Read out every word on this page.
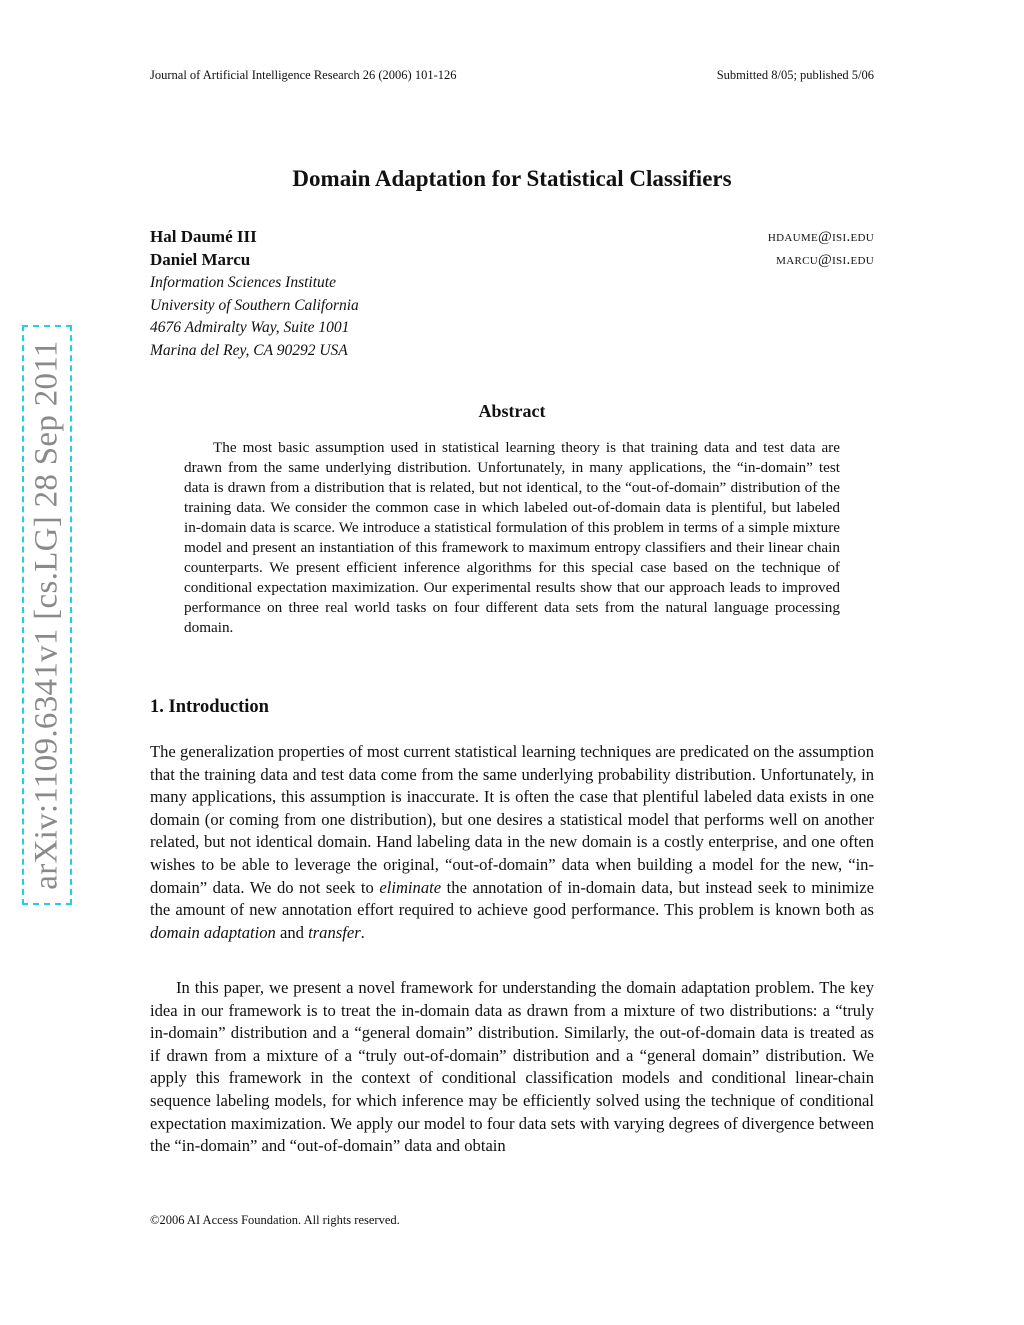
Journal of Artificial Intelligence Research 26 (2006) 101-126	Submitted 8/05; published 5/06
arXiv:1109.6341v1 [cs.LG] 28 Sep 2011
Domain Adaptation for Statistical Classifiers
Hal Daumé III	hdaume@isi.edu
Daniel Marcu	marcu@isi.edu
Information Sciences Institute
University of Southern California
4676 Admiralty Way, Suite 1001
Marina del Rey, CA 90292 USA
Abstract

The most basic assumption used in statistical learning theory is that training data and test data are drawn from the same underlying distribution. Unfortunately, in many applications, the “in-domain” test data is drawn from a distribution that is related, but not identical, to the “out-of-domain” distribution of the training data. We consider the common case in which labeled out-of-domain data is plentiful, but labeled in-domain data is scarce. We introduce a statistical formulation of this problem in terms of a simple mixture model and present an instantiation of this framework to maximum entropy classifiers and their linear chain counterparts. We present efficient inference algorithms for this special case based on the technique of conditional expectation maximization. Our experimental results show that our approach leads to improved performance on three real world tasks on four different data sets from the natural language processing domain.

1. Introduction

The generalization properties of most current statistical learning techniques are predicated on the assumption that the training data and test data come from the same underlying probability distribution. Unfortunately, in many applications, this assumption is inaccurate. It is often the case that plentiful labeled data exists in one domain (or coming from one distribution), but one desires a statistical model that performs well on another related, but not identical domain. Hand labeling data in the new domain is a costly enterprise, and one often wishes to be able to leverage the original, “out-of-domain” data when building a model for the new, “in-domain” data. We do not seek to eliminate the annotation of in-domain data, but instead seek to minimize the amount of new annotation effort required to achieve good performance. This problem is known both as domain adaptation and transfer.

In this paper, we present a novel framework for understanding the domain adaptation problem. The key idea in our framework is to treat the in-domain data as drawn from a mixture of two distributions: a “truly in-domain” distribution and a “general domain” distribution. Similarly, the out-of-domain data is treated as if drawn from a mixture of a “truly out-of-domain” distribution and a “general domain” distribution. We apply this framework in the context of conditional classification models and conditional linear-chain sequence labeling models, for which inference may be efficiently solved using the technique of conditional expectation maximization. We apply our model to four data sets with varying degrees of divergence between the “in-domain” and “out-of-domain” data and obtain

©2006 AI Access Foundation. All rights reserved.
